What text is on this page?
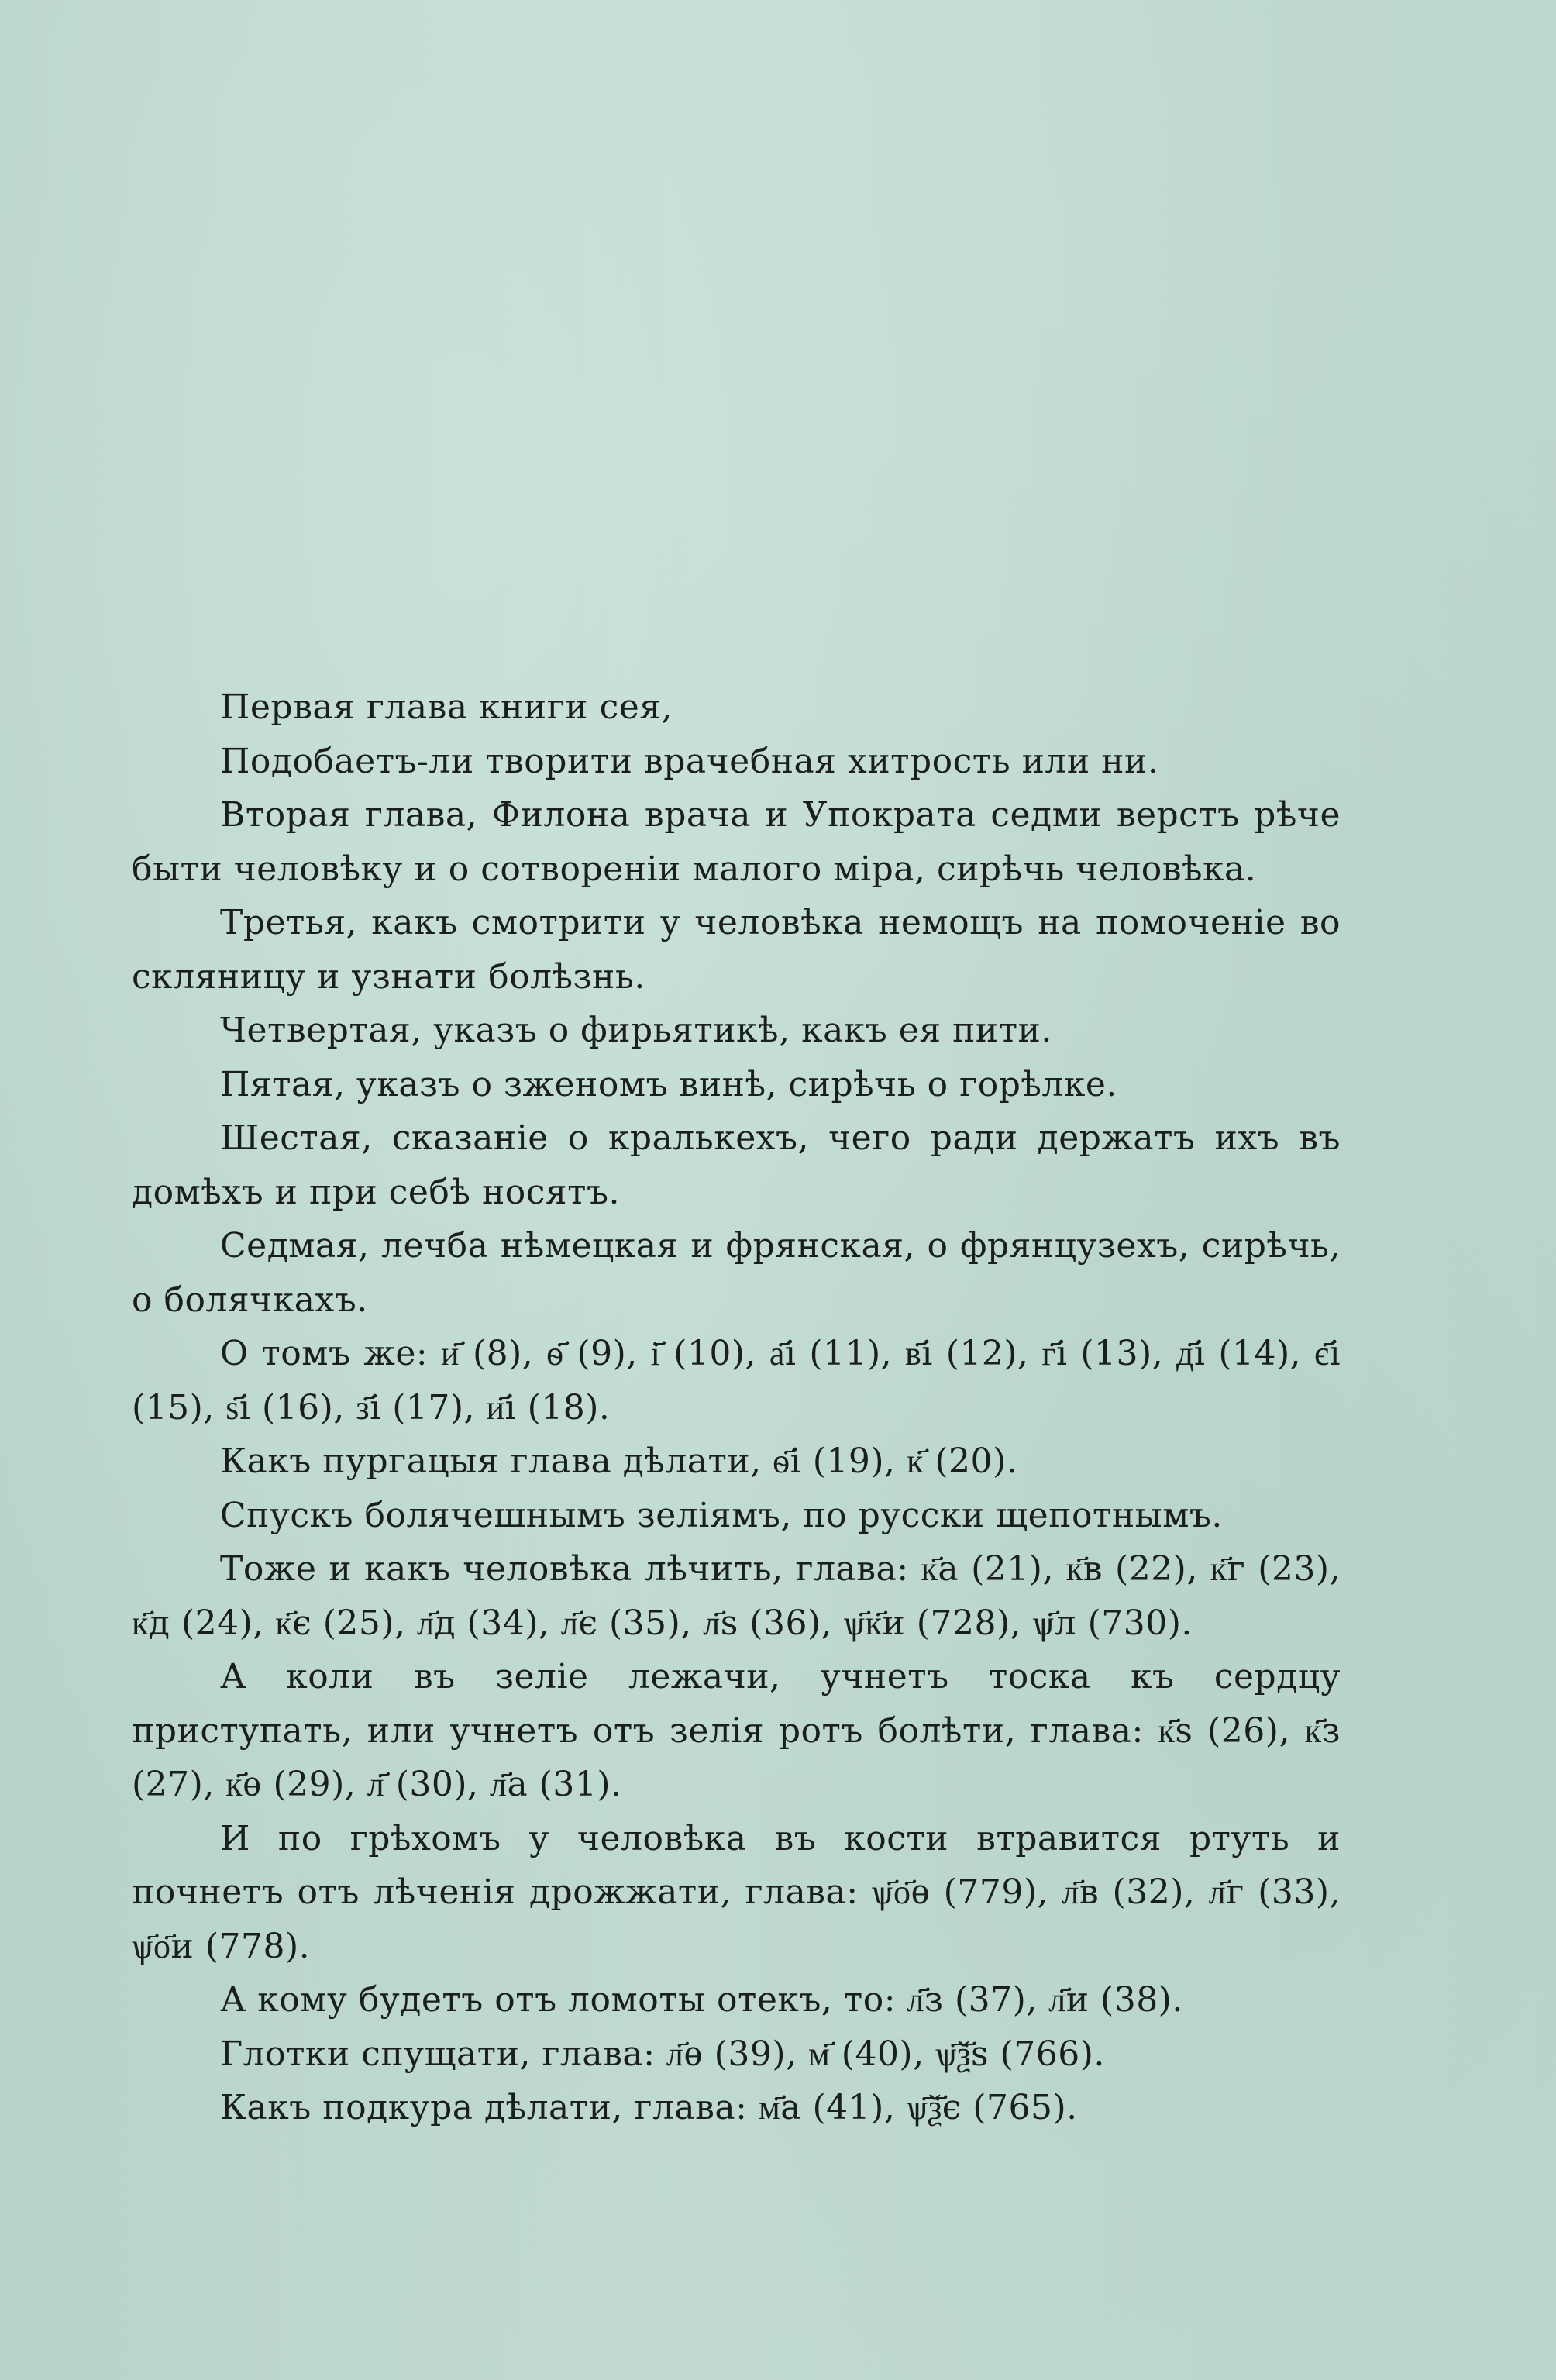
Первая глава книги сея,

Подобаетъ-ли творити врачебная хитрость или ни.

Вторая глава, Филона врача и Упократа седми верстъ рѣче быти человѣку и о сотвореніи малого міра, сирѣчь человѣка.

Третья, какъ смотрити у человѣка немощъ на помоченіе во скляницу и узнати болѣзнь.

Четвертая, указъ о фирьятикѣ, какъ ея пити.

Пятая, указъ о зженомъ винѣ, сирѣчь о горѣлке.

Шестая, сказаніе о кралькехъ, чего ради держатъ ихъ въ домѣхъ и при себѣ носятъ.

Седмая, лечба нѣмецкая и фрянская, о фрянцузехъ, сирѣчь, о болячкахъ.

О томъ же: и҃ (8), ѳ҃ (9), і҃ (10), а҃і (11), в҃і (12), г҃і (13), д҃і (14), є҃і (15), ѕ҃і (16), з҃і (17), и҃і (18).

Какъ пургацыя глава дѣлати, ѳ҃і (19), к҃ (20).

Спускъ болячешнымъ зеліямъ, по русски щепотнымъ.

Тоже и какъ человѣка лѣчить, глава: к҃а (21), к҃в (22), к҃г (23), к҃д (24), к҃є (25), л҃д (34), л҃є (35), л҃ѕ (36), ѱ҃к҃и (728), ѱ҃л (730).

А коли въ зеліе лежачи, учнетъ тоска къ сердцу приступать, или учнетъ отъ зелія ротъ болѣти, глава: к҃ѕ (26), к҃з (27), к҃ѳ (29), л҃ (30), л҃а (31).

И по грѣхомъ у человѣка въ кости втравится ртуть и почнетъ отъ лѣченія дрожжати, глава: ѱ҃о҃ѳ (779), л҃в (32), л҃г (33), ѱ҃о҃и (778).

А кому будетъ отъ ломоты отекъ, то: л҃з (37), л҃и (38).

Глотки спущати, глава: л҃ѳ (39), м҃ (40), ѱ҃ѯ҃ѕ (766).

Какъ подкура дѣлати, глава: м҃а (41), ѱ҃ѯ҃є (765).
